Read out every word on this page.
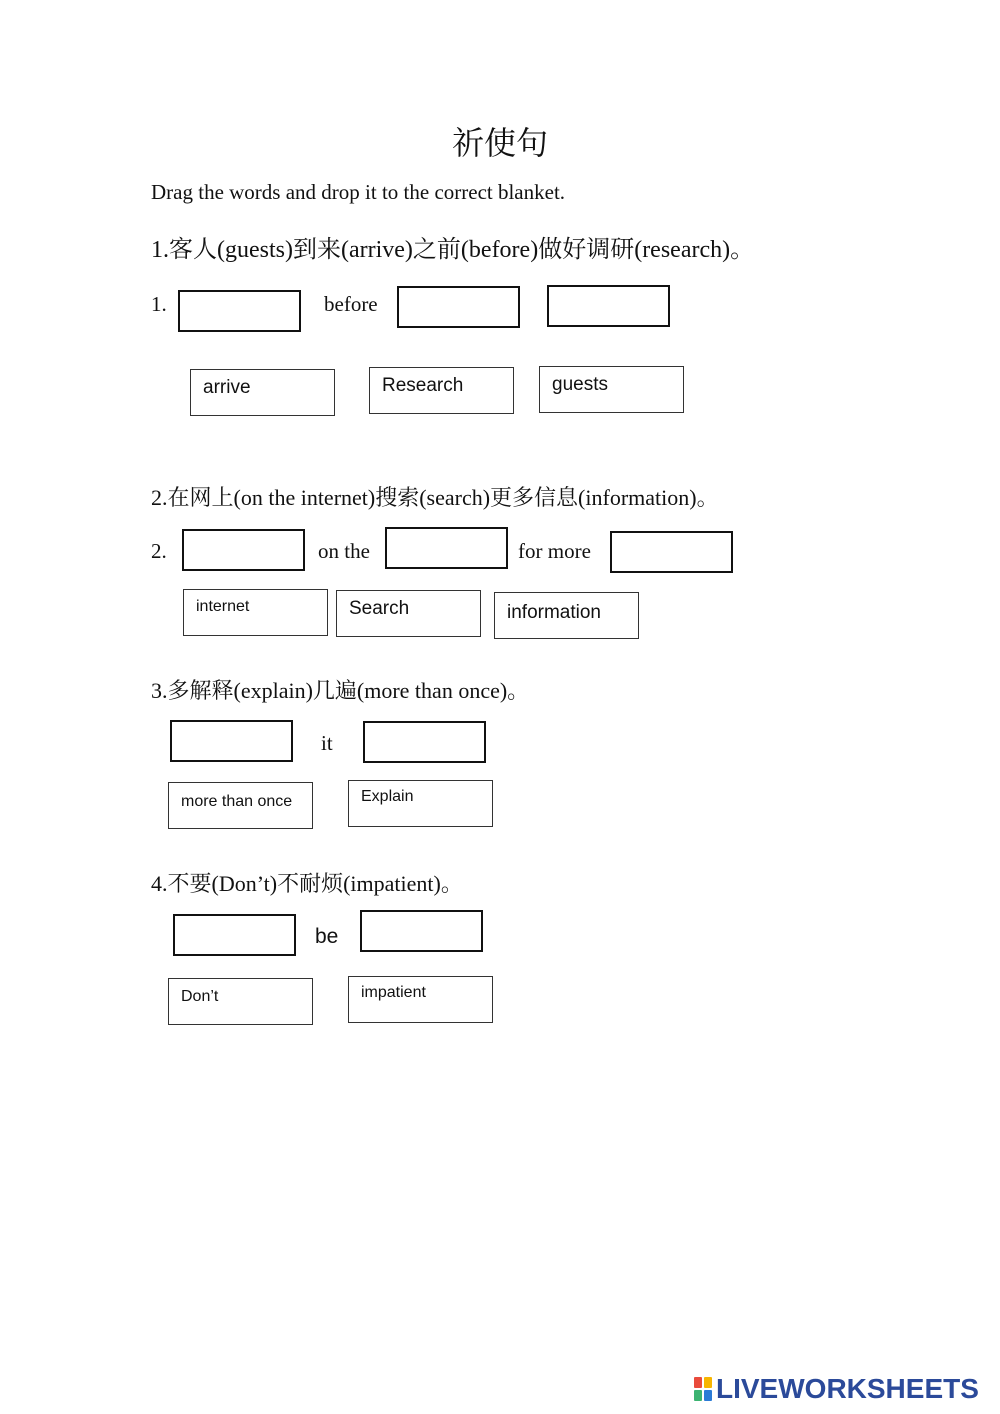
祈使句
Drag the words and drop it to the correct blanket.
1.客人(guests)到来(arrive)之前(before)做好调研(research)。
1.	before
arrive	Research	guests
2.在网上(on the internet)搜索(search)更多信息(information)。
2.	on the	for more
internet	Search	information
3.多解释(explain)几遍(more than once)。
it
more than once	Explain
4.不要(Don’t)不耐烦(impatient)。
be
Don’t	impatient
LIVEWORKSHEETS
